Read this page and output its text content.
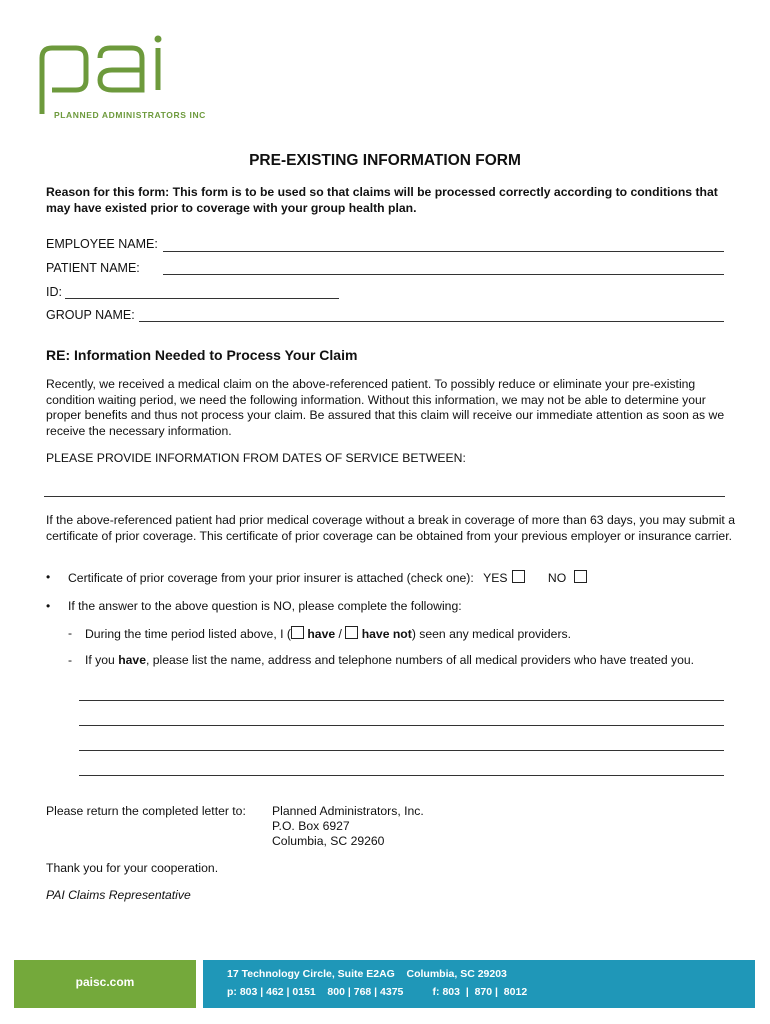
PLANNED ADMINISTRATORS INC
PRE-EXISTING INFORMATION FORM
Reason for this form: This form is to be used so that claims will be processed correctly according to conditions that may have existed prior to coverage with your group health plan.
EMPLOYEE NAME:
PATIENT NAME:
ID:
GROUP NAME:
RE: Information Needed to Process Your Claim
Recently, we received a medical claim on the above-referenced patient. To possibly reduce or eliminate your pre-existing condition waiting period, we need the following information. Without this information, we may not be able to determine your proper benefits and thus not process your claim. Be assured that this claim will receive our immediate attention as soon as we receive the necessary information.
PLEASE PROVIDE INFORMATION FROM DATES OF SERVICE BETWEEN:
If the above-referenced patient had prior medical coverage without a break in coverage of more than 63 days, you may submit a certificate of prior coverage. This certificate of prior coverage can be obtained from your previous employer or insurance carrier.
• Certificate of prior coverage from your prior insurer is attached (check one): YES	NO
• If the answer to the above question is NO, please complete the following:
- During the time period listed above, I ( have /  have not) seen any medical providers.
- If you have, please list the name, address and telephone numbers of all medical providers who have treated you.
Please return the completed letter to: Planned Administrators, Inc.
P.O. Box 6927
Columbia, SC 29260
Thank you for your cooperation.
PAI Claims Representative
paisc.com
17 Technology Circle, Suite E2AG    Columbia, SC 29203
p: 803 | 462 | 0151    800 | 768 | 4375          f: 803  |  870 |  8012
